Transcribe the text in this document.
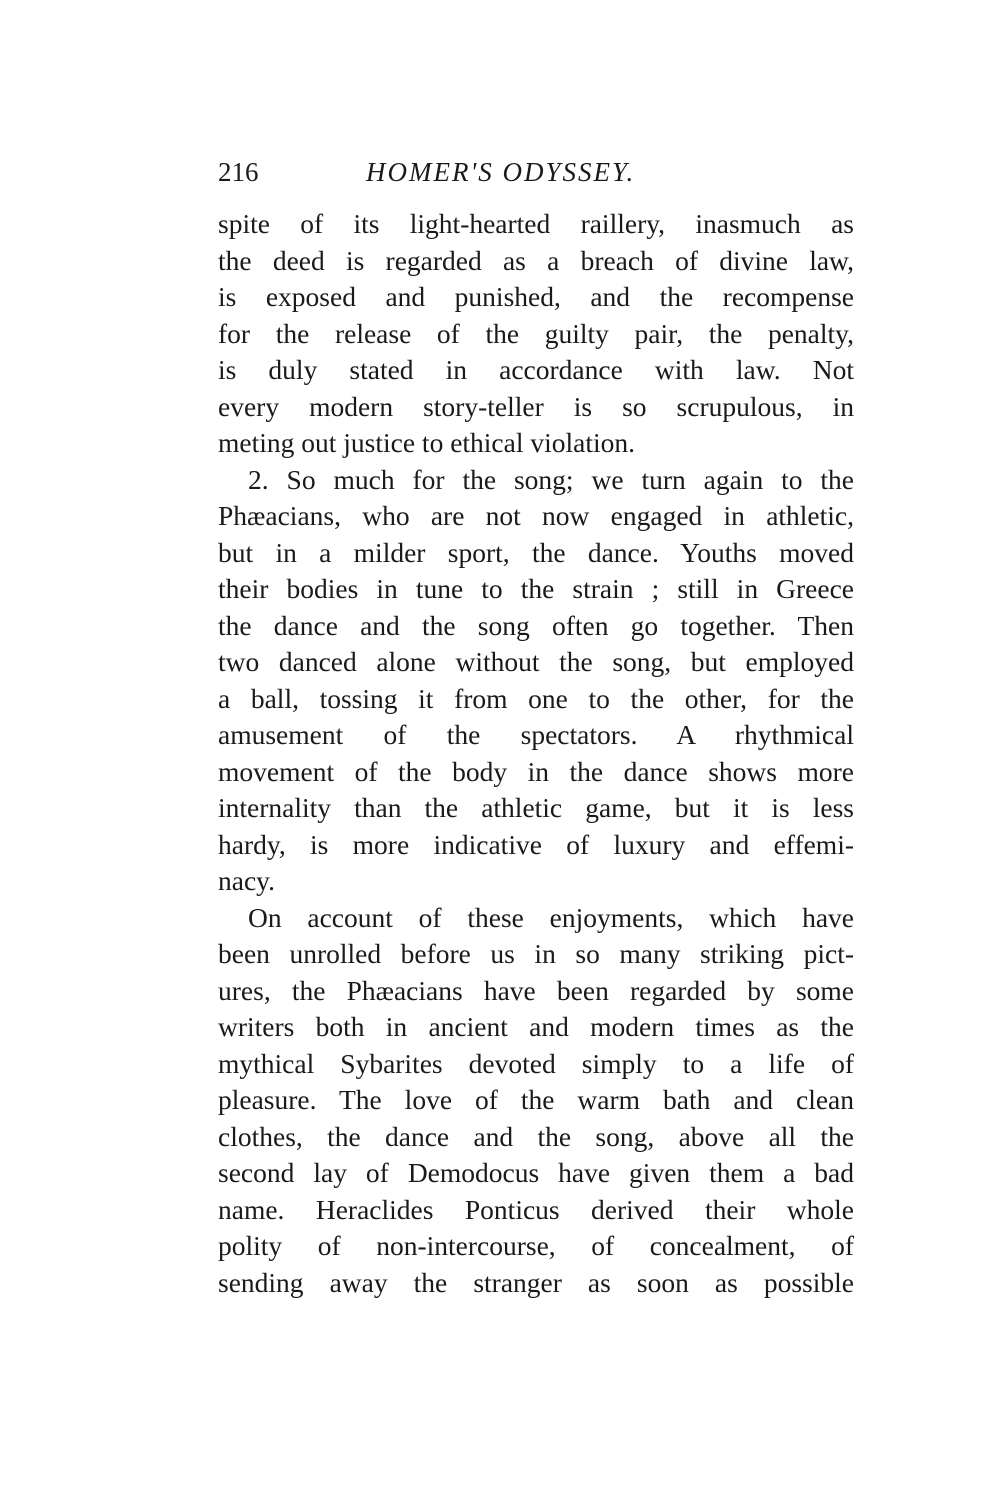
216	HOMER'S ODYSSEY.
spite of its light-hearted raillery, inasmuch as
the deed is regarded as a breach of divine law,
is exposed and punished, and the recompense
for the release of the guilty pair, the penalty,
is duly stated in accordance with law. Not
every modern story-teller is so scrupulous, in
meting out justice to ethical violation.
2. So much for the song; we turn again to the
Phæacians, who are not now engaged in athletic,
but in a milder sport, the dance. Youths moved
their bodies in tune to the strain ; still in Greece
the dance and the song often go together. Then
two danced alone without the song, but employed
a ball, tossing it from one to the other, for the
amusement of the spectators. A rhythmical
movement of the body in the dance shows more
internality than the athletic game, but it is less
hardy, is more indicative of luxury and effemi-
nacy.
On account of these enjoyments, which have
been unrolled before us in so many striking pict-
ures, the Phæacians have been regarded by some
writers both in ancient and modern times as the
mythical Sybarites devoted simply to a life of
pleasure. The love of the warm bath and clean
clothes, the dance and the song, above all the
second lay of Demodocus have given them a bad
name. Heraclides Ponticus derived their whole
polity of non-intercourse, of concealment, of
sending away the stranger as soon as possible
